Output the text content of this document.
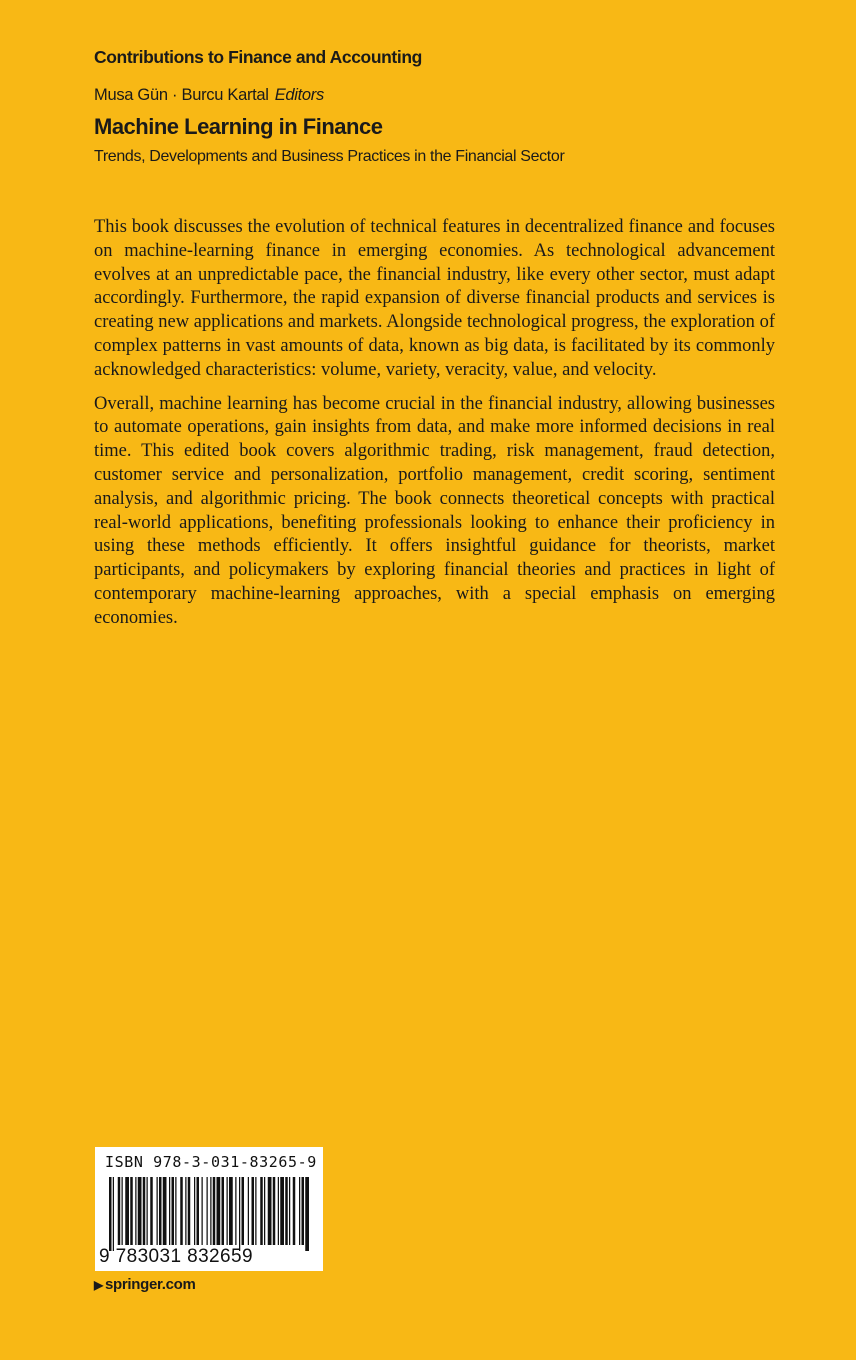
Contributions to Finance and Accounting
Musa Gün · Burcu Kartal Editors
Machine Learning in Finance
Trends, Developments and Business Practices in the Financial Sector

This book discusses the evolution of technical features in decentralized finance and focuses on machine-learning finance in emerging economies. As technological advancement evolves at an unpredictable pace, the financial industry, like every other sector, must adapt accordingly. Furthermore, the rapid expansion of diverse financial products and services is creating new applications and markets. Alongside technological progress, the exploration of complex patterns in vast amounts of data, known as big data, is facilitated by its commonly acknowledged characteristics: volume, variety, veracity, value, and velocity.

Overall, machine learning has become crucial in the financial industry, allowing businesses to automate operations, gain insights from data, and make more informed decisions in real time. This edited book covers algorithmic trading, risk management, fraud detection, customer service and personalization, portfolio management, credit scoring, sentiment analysis, and algorithmic pricing. The book connects theoretical concepts with practical real-world applications, benefiting professionals looking to enhance their proficiency in using these methods efficiently. It offers insightful guidance for theorists, market participants, and policymakers by exploring financial theories and practices in light of contemporary machine-learning approaches, with a special emphasis on emerging economies.

ISBN 978-3-031-83265-9
9 783031 832659
▶ springer.com
